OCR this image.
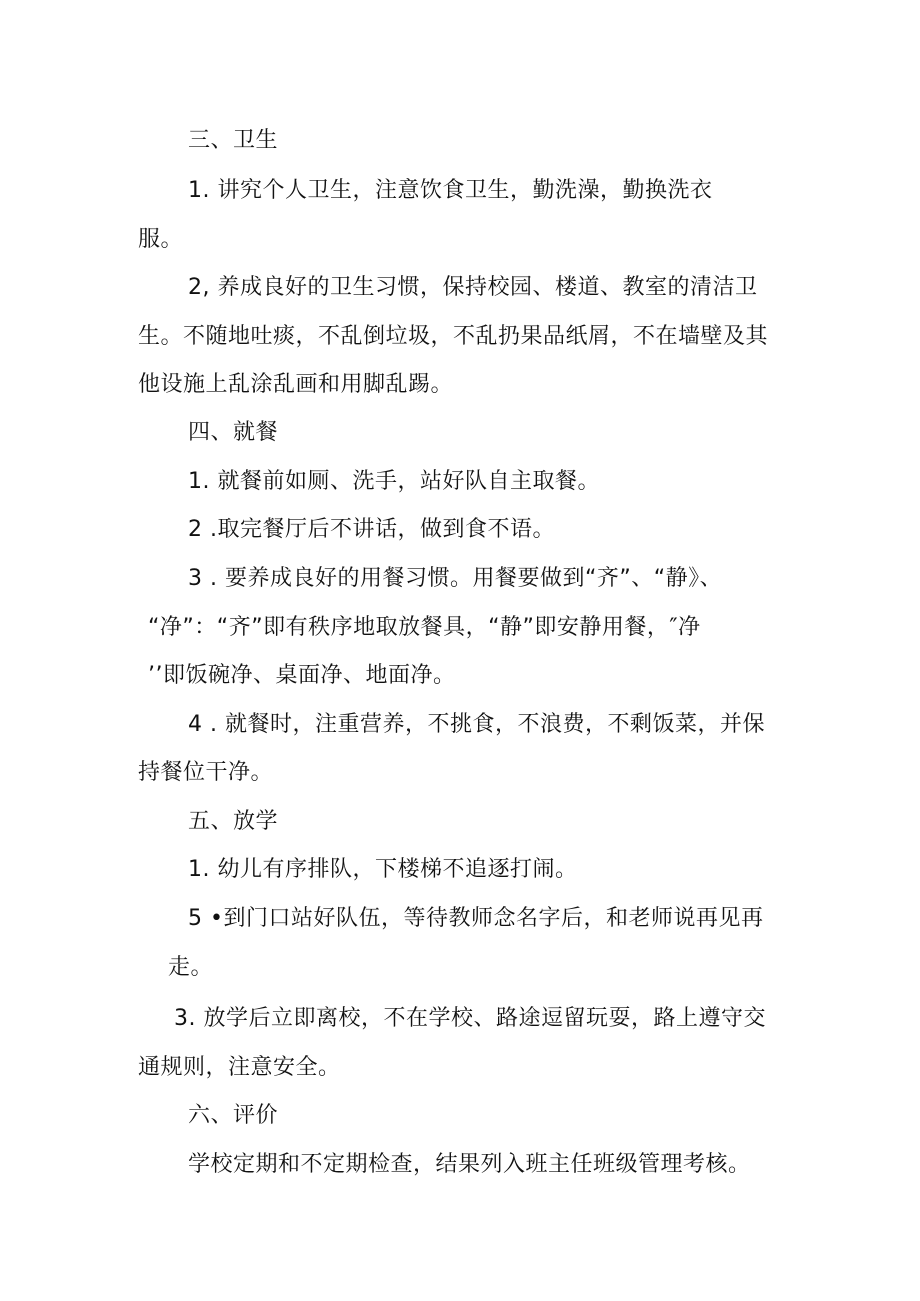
三、卫生
1. 讲究个人卫生，注意饮食卫生，勤洗澡，勤换洗衣
服。
2, 养成良好的卫生习惯，保持校园、楼道、教室的清洁卫
生。不随地吐痰，不乱倒垃圾，不乱扔果品纸屑，不在墙壁及其
他设施上乱涂乱画和用脚乱踢。
四、就餐
1. 就餐前如厕、洗手，站好队自主取餐。
2 .取完餐厅后不讲话，做到食不语。
3 . 要养成良好的用餐习惯。用餐要做到“齐”、“静》、
“净”：“齐”即有秩序地取放餐具，“静”即安静用餐，″净
’’即饭碗净、桌面净、地面净。
4 . 就餐时，注重营养，不挑食，不浪费，不剩饭菜，并保
持餐位干净。
五、放学
1. 幼儿有序排队，下楼梯不追逐打闹。
5 •到门口站好队伍，等待教师念名字后，和老师说再见再
走。
3. 放学后立即离校，不在学校、路途逗留玩耍，路上遵守交
通规则，注意安全。
六、评价
学校定期和不定期检查，结果列入班主任班级管理考核。
